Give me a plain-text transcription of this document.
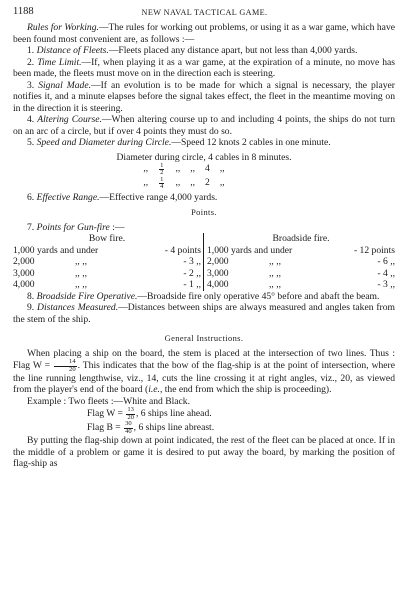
1188	NEW NAVAL TACTICAL GAME.

Rules for Working.—The rules for working out problems, or using it as a war game, which have been found most convenient are, as follows :—

1. Distance of Fleets.—Fleets placed any distance apart, but not less than 4,000 yards.

2. Time Limit.—If, when playing it as a war game, at the expiration of a minute, no move has been made, the fleets must move on in the direction each is steering.

3. Signal Made.—If an evolution is to be made for which a signal is necessary, the player notifies it, and a minute elapses before the signal takes effect, the fleet in the meantime moving on in the direction it is steering.

4. Altering Course.—When altering course up to and including 4 points, the ships do not turn on an arc of a circle, but if over 4 points they must do so.

5. Speed and Diameter during Circle.—Speed 12 knots 2 cables in one minute.

Diameter during circle, 4 cables in 8 minutes.
,, $\frac{1}{2}$ ,, ,, 4 ,,
,, $\frac{1}{4}$ ,, ,, 2 ,,

6. Effective Range.—Effective range 4,000 yards.

Points.

7. Points for Gun-fire :—

Bow fire.
1,000 yards and under	- 4 points
2,000	,, ,,	- 3 ,,
3,000	,, ,,	- 2 ,,
4,000	,, ,,	- 1 ,,
Broadside fire.
1,000 yards and under	- 12 points
2,000	,, ,,	- 6 ,,
3,000	,, ,,	- 4 ,,
4,000	,, ,,	- 3 ,,

8. Broadside Fire Operative.—Broadside fire only operative 45° before and abaft the beam.

9. Distances Measured.—Distances between ships are always measured and angles taken from the stem of the ship.

General Instructions.

When placing a ship on the board, the stem is placed at the intersection of two lines. Thus : Flag $W = \frac{14}{20}$ . This indicates that the bow of the flag-ship is at the point of intersection, where the line running lengthwise, viz., 14, cuts the line crossing it at right angles, viz., 20, as viewed from the player's end of the board (i.e., the end from which the ship is proceeding).

Example : Two fleets :—White and Black.

Flag $W = \frac{13}{20}$ , 6 ships line ahead.
Flag $B = \frac{30}{40}$ , 6 ships line abreast.

By putting the flag-ship down at point indicated, the rest of the fleet can be placed at once. If in the middle of a problem or game it is desired to put away the board, by marking the position of flag-ship as
